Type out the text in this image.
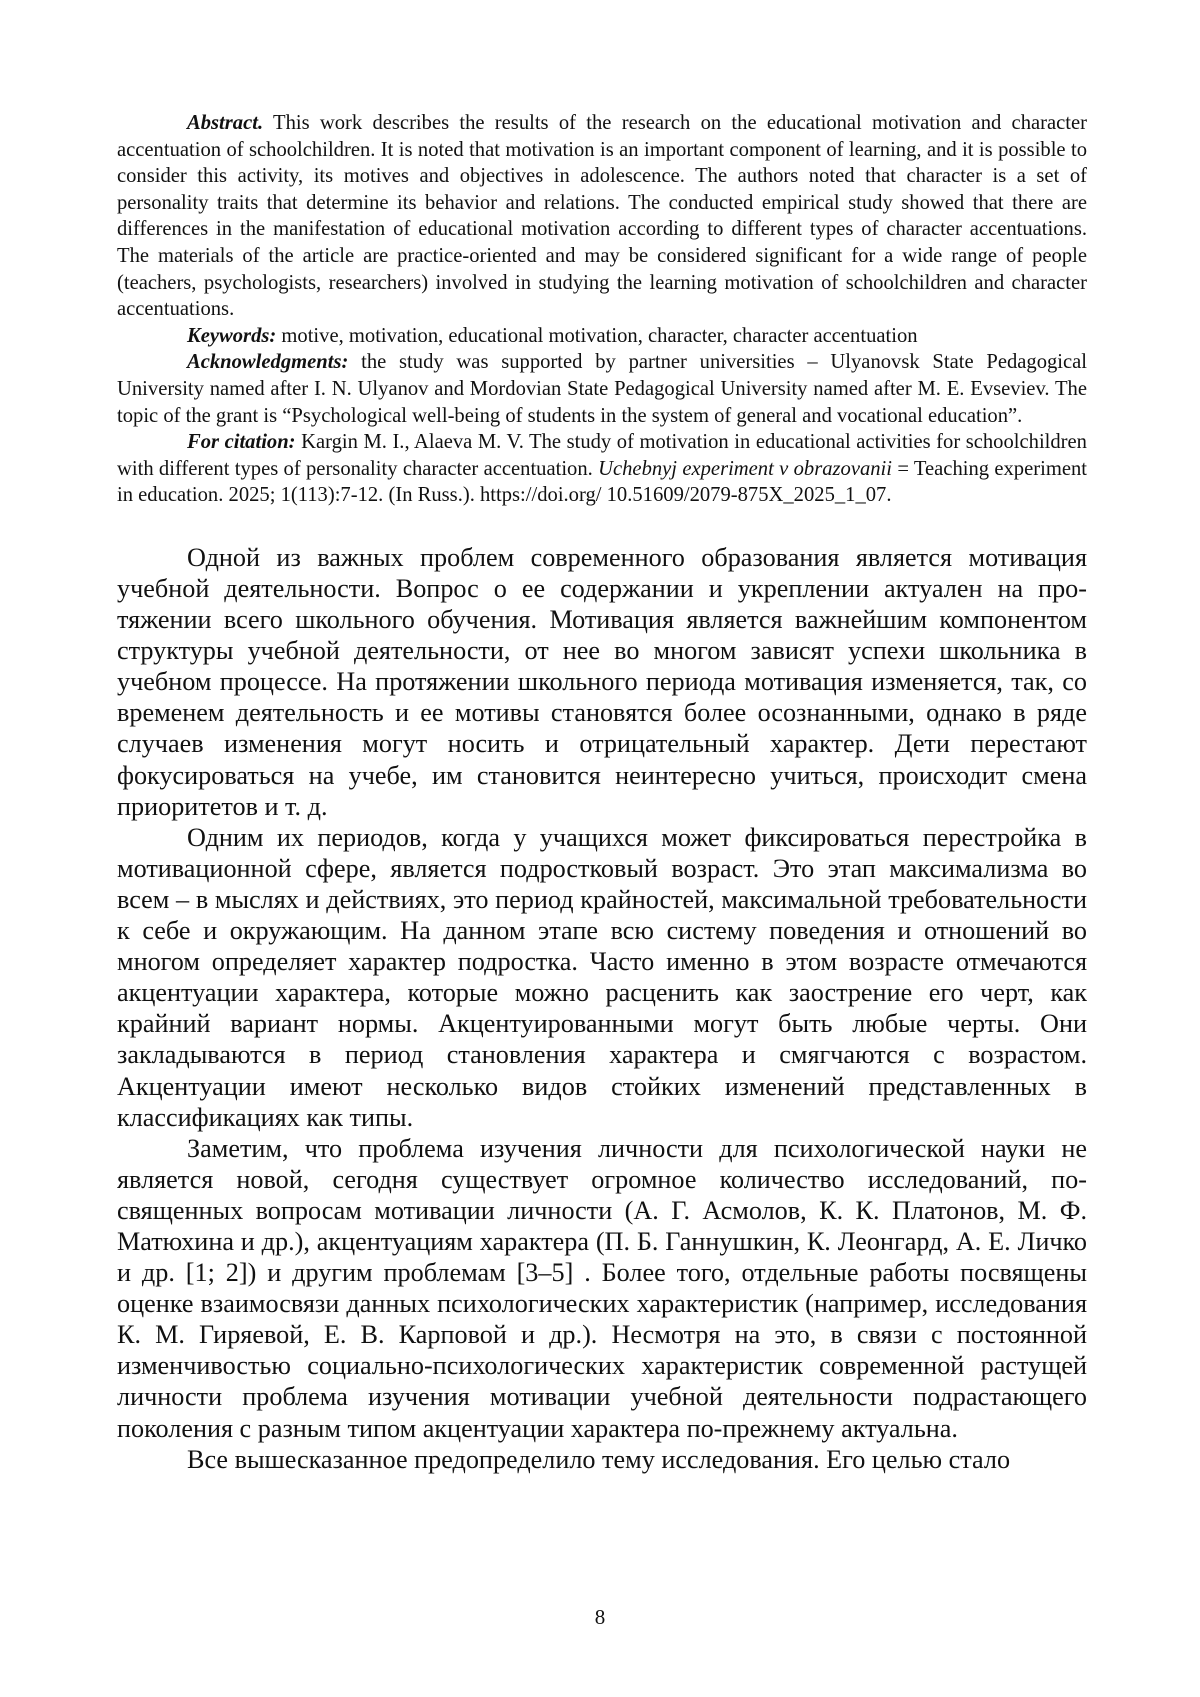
Abstract. This work describes the results of the research on the educational motivation and character accentuation of schoolchildren. It is noted that motivation is an important component of learning, and it is possible to consider this activity, its motives and objectives in adolescence. The authors noted that character is a set of personality traits that determine its behavior and relations. The conducted empirical study showed that there are differences in the manifestation of educational motivation according to different types of character accentuations. The materials of the article are practice-oriented and may be considered significant for a wide range of people (teachers, psychologists, researchers) involved in studying the learning motivation of schoolchildren and character accentuations.

Keywords: motive, motivation, educational motivation, character, character accentuation

Acknowledgments: the study was supported by partner universities – Ulyanovsk State Pedagogical University named after I. N. Ulyanov and Mordovian State Pedagogical University named after M. E. Evseviev. The topic of the grant is “Psychological well-being of students in the system of general and vocational education”.

For citation: Kargin M. I., Alaeva M. V. The study of motivation in educational activities for schoolchildren with different types of personality character accentuation. Uchebnyj experiment v obrazovanii = Teaching experiment in education. 2025; 1(113):7-12. (In Russ.). https://doi.org/ 10.51609/2079-875X_2025_1_07.

Одной из важных проблем современного образования является мотивация учебной деятельности. Вопрос о ее содержании и укреплении актуален на протяжении всего школьного обучения. Мотивация является важнейшим компонентом структуры учебной деятельности, от нее во многом зависят успехи школьника в учебном процессе. На протяжении школьного периода мотивация изменяется, так, со временем деятельность и ее мотивы становятся более осознанными, однако в ряде случаев изменения могут носить и отрицательный характер. Дети перестают фокусироваться на учебе, им становится неинтересно учиться, происходит смена приоритетов и т. д.

Одним их периодов, когда у учащихся может фиксироваться перестройка в мотивационной сфере, является подростковый возраст. Это этап максимализма во всем – в мыслях и действиях, это период крайностей, максимальной требовательности к себе и окружающим. На данном этапе всю систему поведения и отношений во многом определяет характер подростка. Часто именно в этом возрасте отмечаются акцентуации характера, которые можно расценить как заострение его черт, как крайний вариант нормы. Акцентуированными могут быть любые черты. Они закладываются в период становления характера и смягчаются с возрастом. Акцентуации имеют несколько видов стойких изменений представленных в классификациях как типы.

Заметим, что проблема изучения личности для психологической науки не является новой, сегодня существует огромное количество исследований, посвященных вопросам мотивации личности (А. Г. Асмолов, К. К. Платонов, М. Ф. Матюхина и др.), акцентуациям характера (П. Б. Ганнушкин, К. Леонгард, А. Е. Личко и др. [1; 2]) и другим проблемам [3–5] . Более того, отдельные работы посвящены оценке взаимосвязи данных психологических характеристик (например, исследования К. М. Гиряевой, Е. В. Карповой и др.). Несмотря на это, в связи с постоянной изменчивостью социально-психологических характеристик современной растущей личности проблема изучения мотивации учебной деятельности подрастающего поколения с разным типом акцентуации характера по-прежнему актуальна.

Все вышесказанное предопределило тему исследования. Его целью стало

8
